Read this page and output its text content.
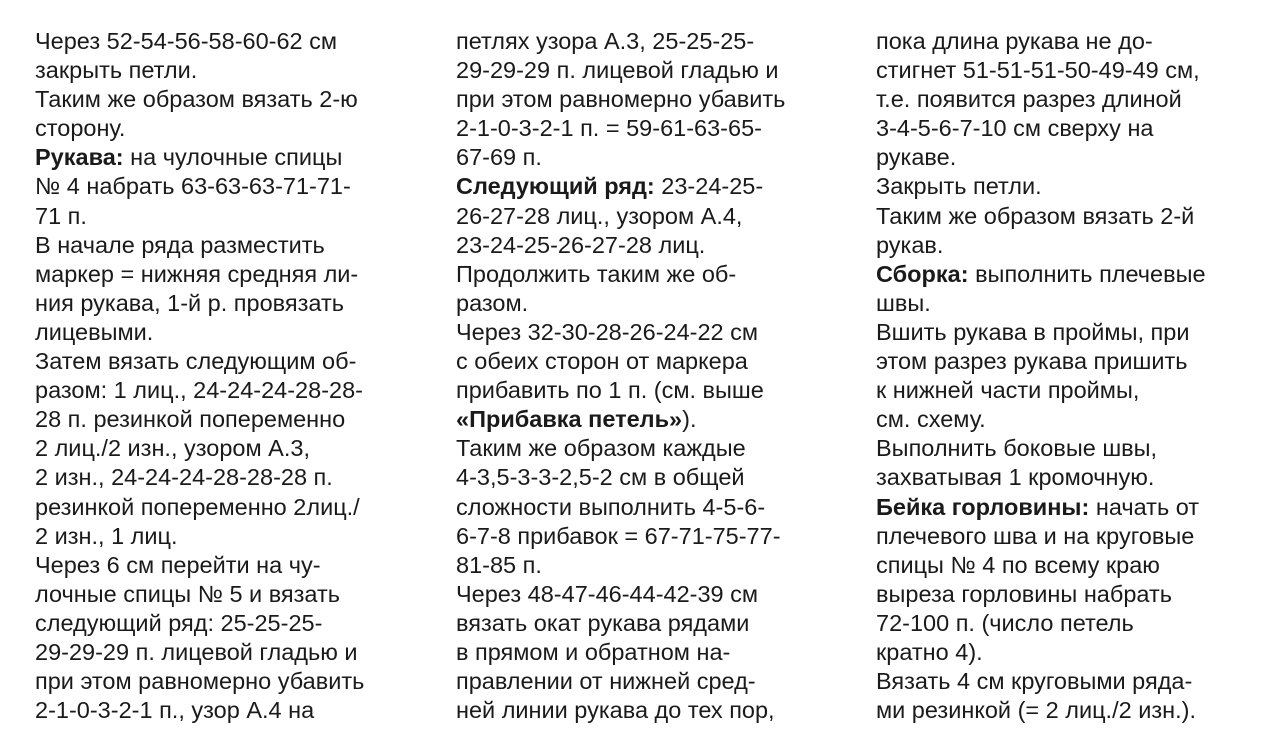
Через 52-54-56-58-60-62 см
закрыть петли.
Таким же образом вязать 2-ю
сторону.
Рукава: на чулочные спицы
№ 4 набрать 63-63-63-71-71-
71 п.
В начале ряда разместить
маркер = нижняя средняя ли-
ния рукава, 1-й р. провязать
лицевыми.
Затем вязать следующим об-
разом: 1 лиц., 24-24-24-28-28-
28 п. резинкой попеременно
2 лиц./2 изн., узором А.3,
2 изн., 24-24-24-28-28-28 п.
резинкой попеременно 2лиц./
2 изн., 1 лиц.
Через 6 см перейти на чу-
лочные спицы № 5 и вязать
следующий ряд: 25-25-25-
29-29-29 п. лицевой гладью и
при этом равномерно убавить
2-1-0-3-2-1 п., узор А.4 на
петлях узора А.3, 25-25-25-
29-29-29 п. лицевой гладью и
при этом равномерно убавить
2-1-0-3-2-1 п. = 59-61-63-65-
67-69 п.
Следующий ряд: 23-24-25-
26-27-28 лиц., узором А.4,
23-24-25-26-27-28 лиц.
Продолжить таким же об-
разом.
Через 32-30-28-26-24-22 см
с обеих сторон от маркера
прибавить по 1 п. (см. выше
«Прибавка петель»).
Таким же образом каждые
4-3,5-3-3-2,5-2 см в общей
сложности выполнить 4-5-6-
6-7-8 прибавок = 67-71-75-77-
81-85 п.
Через 48-47-46-44-42-39 см
вязать окат рукава рядами
в прямом и обратном на-
правлении от нижней сред-
ней линии рукава до тех пор,
пока длина рукава не до-
стигнет 51-51-51-50-49-49 см,
т.е. появится разрез длиной
3-4-5-6-7-10 см сверху на
рукаве.
Закрыть петли.
Таким же образом вязать 2-й
рукав.
Сборка: выполнить плечевые
швы.
Вшить рукава в проймы, при
этом разрез рукава пришить
к нижней части проймы,
см. схему.
Выполнить боковые швы,
захватывая 1 кромочную.
Бейка горловины: начать от
плечевого шва и на круговые
спицы № 4 по всему краю
выреза горловины набрать
72-100 п. (число петель
кратно 4).
Вязать 4 см круговыми ряда-
ми резинкой (= 2 лиц./2 изн.).
